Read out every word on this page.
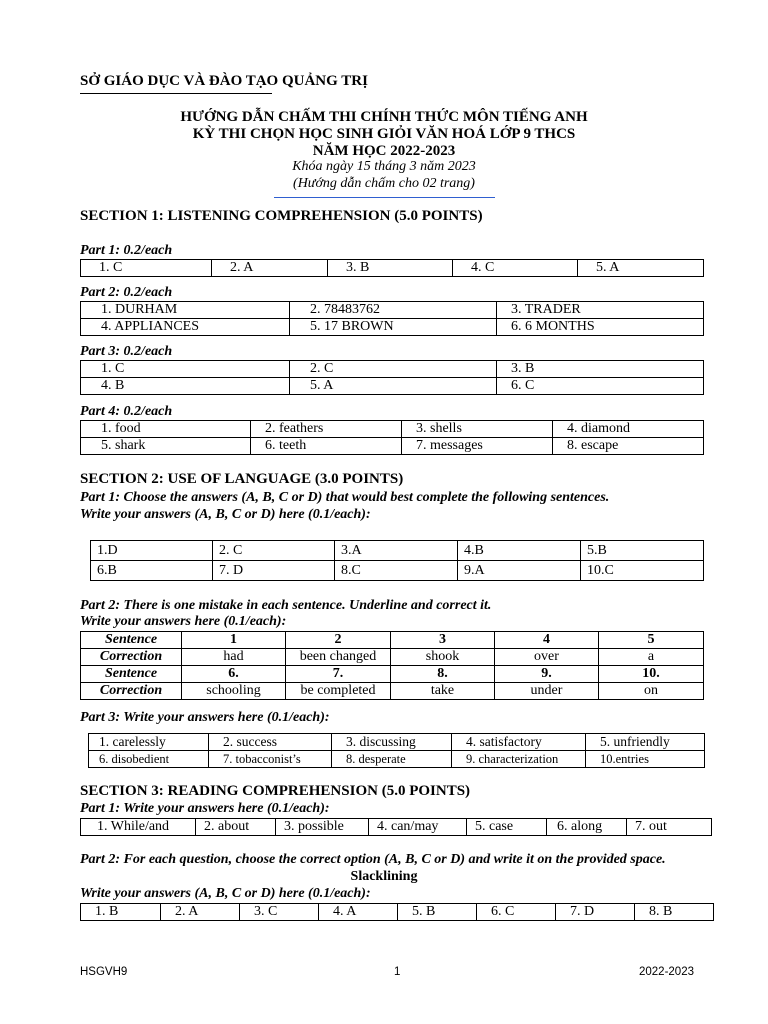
SỞ GIÁO DỤC VÀ ĐÀO TẠO QUẢNG TRỊ
HƯỚNG DẪN CHẤM THI CHÍNH THỨC MÔN TIẾNG ANH
KỲ THI CHỌN HỌC SINH GIỎI VĂN HOÁ LỚP 9 THCS
NĂM HỌC 2022-2023
Khóa ngày 15 tháng 3 năm 2023
(Hướng dẫn chấm cho 02 trang)
SECTION 1: LISTENING COMPREHENSION (5.0 POINTS)
Part 1: 0.2/each
1. C	2. A	3. B	4. C	5. A
Part 2: 0.2/each
1. DURHAM	2. 78483762	3. TRADER
4. APPLIANCES	5. 17 BROWN	6. 6 MONTHS
Part 3: 0.2/each
1. C	2. C	3. B
4. B	5. A	6. C
Part 4: 0.2/each
1. food	2. feathers	3. shells	4. diamond
5. shark	6. teeth	7. messages	8. escape
SECTION 2: USE OF LANGUAGE (3.0 POINTS)
Part 1: Choose the answers (A, B, C or D) that would best complete the following sentences.
Write your answers (A, B, C or D) here (0.1/each):
1.D	2. C	3.A	4.B	5.B
6.B	7. D	8.C	9.A	10.C
Part 2: There is one mistake in each sentence. Underline and correct it.
Write your answers here (0.1/each):
Sentence	1	2	3	4	5
Correction	had	been changed	shook	over	a
Sentence	6.	7.	8.	9.	10.
Correction	schooling	be completed	take	under	on
Part 3: Write your answers here (0.1/each):
1. carelessly	2. success	3. discussing	4. satisfactory	5. unfriendly
6. disobedient	7. tobacconist’s	8. desperate	9. characterization	10.entries
SECTION 3: READING COMPREHENSION (5.0 POINTS)
Part 1: Write your answers here (0.1/each):
1. While/and	2. about	3. possible	4. can/may	5. case	6. along	7. out
Part 2: For each question, choose the correct option (A, B, C or D) and write it on the provided space.
Slacklining
Write your answers (A, B, C or D) here (0.1/each):
1. B	2. A	3. C	4. A	5. B	6. C	7. D	8. B
HSGVH9	1	2022-2023
